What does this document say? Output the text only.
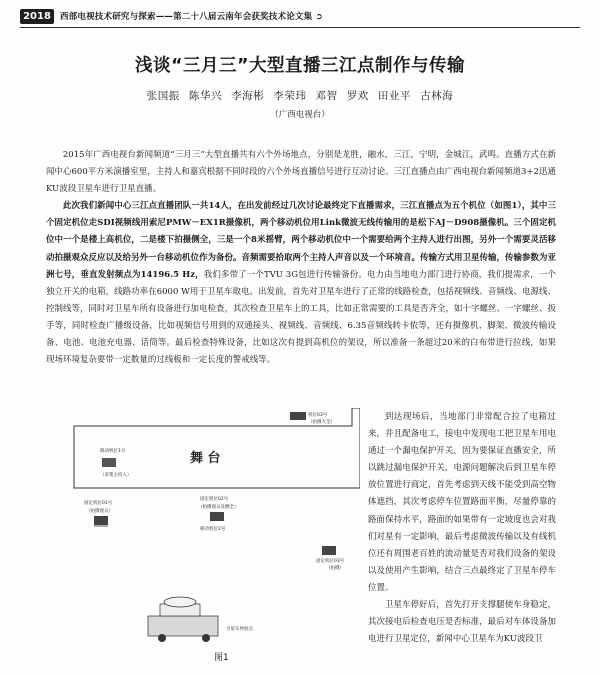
2018	西部电视技术研究与探索——第二十八届云南年会获奖技术论文集 ➲
浅谈“三月三”大型直播三江点制作与传输
张国振 陈华兴 李海彬 李荣玮 邓智 罗欢 田业平 古林海
（广西电视台）

2015年广西电视台新闻频道“三月三”大型直播共有六个外场地点，分别是龙胜，融水，三江，宁明，金城江，武鸣。直播方式在新闻中心600平方米演播室里，主持人和嘉宾根据不同时段的六个外场直播信号进行互动讨论。三江直播点由广西电视台新闻频道3+2迅通KU波段卫星车进行卫星直播。

此次我们新闻中心三江点直播团队一共14人，在出发前经过几次讨论最终定下直播需求，三江直播点为五个机位（如图1），其中三个固定机位走SDI视频线用索尼PMW－EX1R摄像机，两个移动机位用Link微波无线传输用的是松下AJ－D908摄像机。三个固定机位中一个是楼上高机位，二是楼下拍摄侧全，三是一个8米摇臂，两个移动机位中一个需要给两个主持人进行出图，另外一个需要灵活移动拍摄观众反应以及给另外一台移动机位作为备份。音频需要拾取两个主持人声音以及一个环境音。传输方式用卫星传输，传输参数为亚洲七号，垂直发射频点为14196.5 Hz，我们多带了一个TVU 3G包进行传输备份。电力由当地电力部门进行协商，我们提需求，一个独立开关的电箱，线路功率在6000 W用于卫星车取电。出发前，首先对卫星车进行了正常的线路检查，包括视频线、音频线、电源线、控制线等，同时对卫星车所有设备进行加电检查，其次检查卫星车上的工具，比如正常需要的工具是否齐全，如十字螺丝、一字螺丝、扳手等，同时检查广播级设备，比如视频信号用到的双通接头、视频线、音频线、6.35音频线转卡侬等，还有摄像机、脚架、微波传输设备、电池、电池充电器、话筒等。最后检查特殊设备，比如这次有提到高机位的架设，所以准备一条超过20米的白布带进行拉线，如果现场环境复杂要带一定数量的过线板和一定长度的警戒线等。

到达现场后，当地部门非常配合拉了电箱过来，并且配备电工，接电中发现电工把卫星车用电通过一个漏电保护开关，因为要保证直播安全，所以跳过漏电保护开关，电源问题解决后到卫星车停放位置进行商定，首先考虑到天线不能受到高空物体遮挡，其次考虑停车位置路面平衡，尽量停靠的路面保持水平，路面的如果带有一定坡度也会对我们对星有一定影响，最后考虑微波传输以及有线机位还有周围老百姓的流动量是否对我们设备的架设以及使用产生影响，结合三点最终定了卫星车停车位置。

卫星车停好后，首先打开支撑腿使车身稳定，其次接电后检查电压是否标准，最后对车体设备加电进行卫星定位，新闻中心卫星车为KU波段卫

舞 台
机位03号
（拍摄大全）
移动机位1号
（采集主持人）
固定机位01号
（拍摄观众）
固定机位02号
（拍摄观众及侧全）
移动机位2号
固定机位03号
（拍摄）
卫星车停放点
图1
